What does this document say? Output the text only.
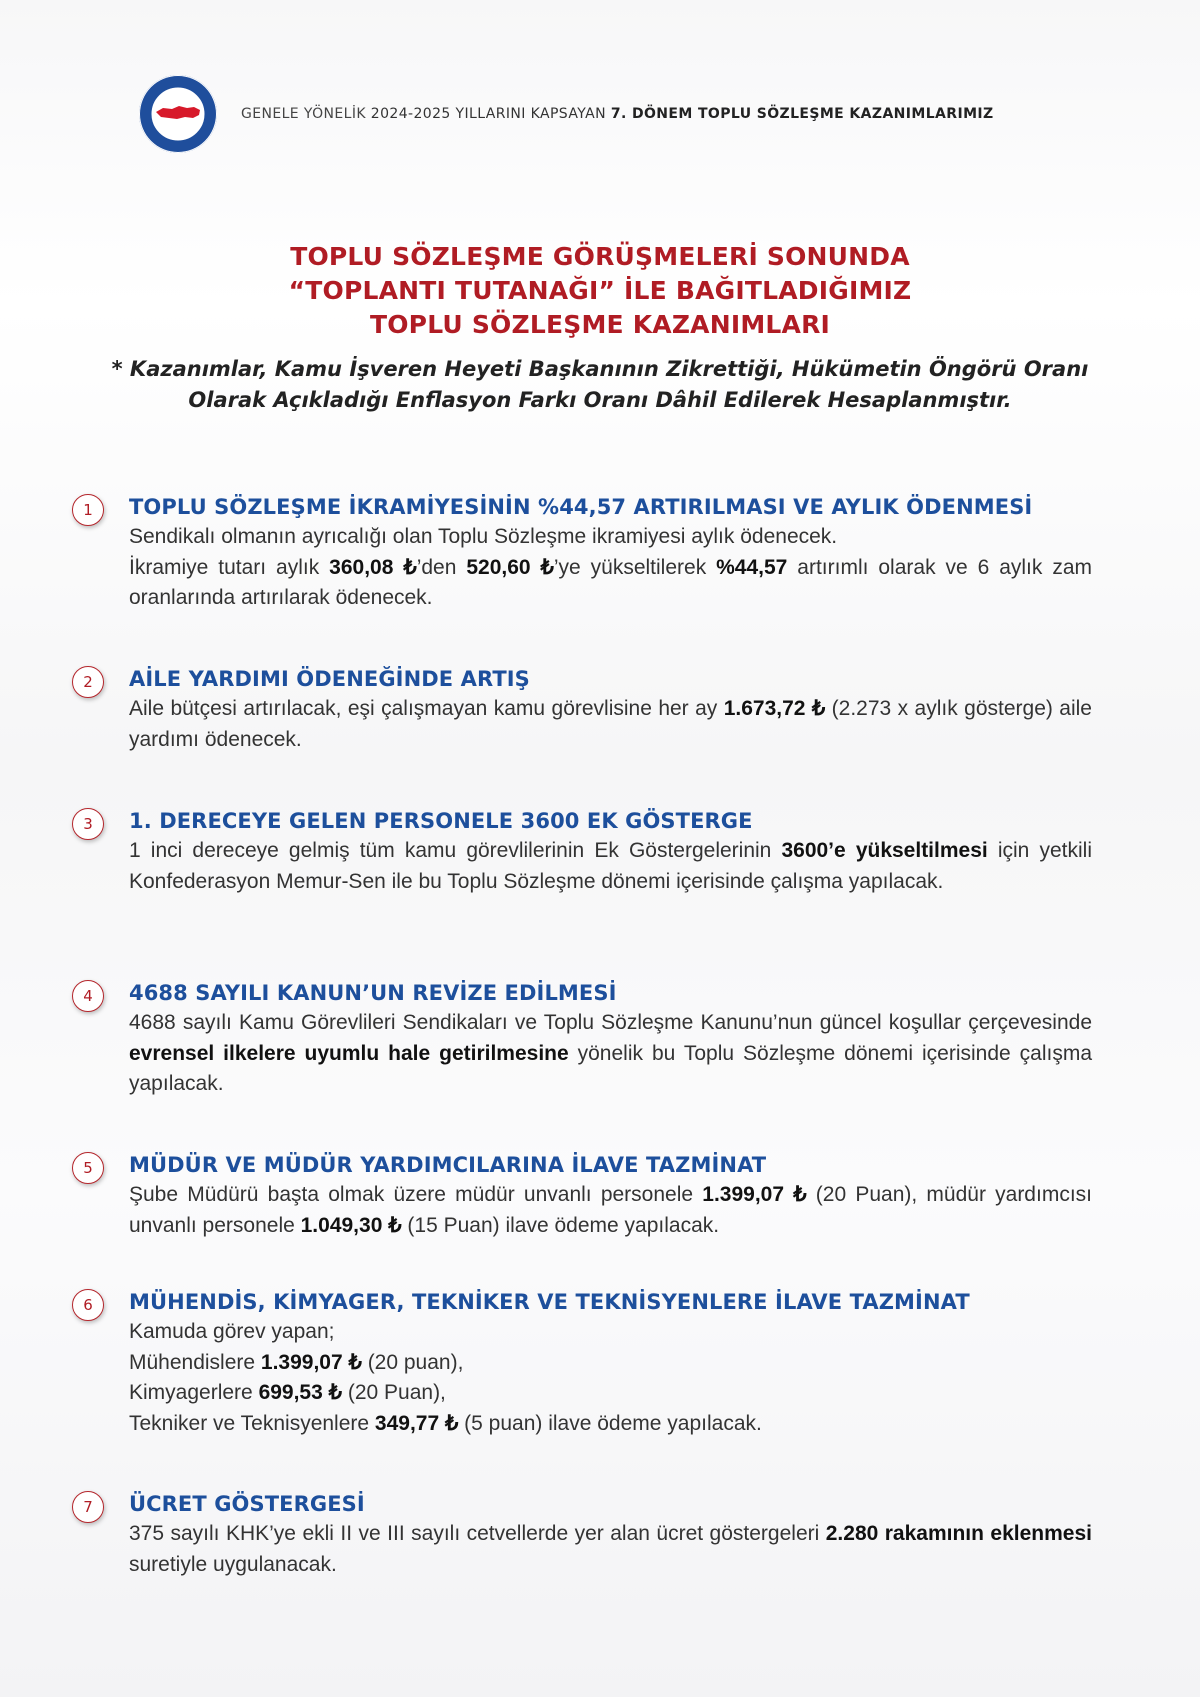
GENELE YÖNELİK 2024-2025 YILLARINI KAPSAYAN 7. DÖNEM TOPLU SÖZLEŞME KAZANIMLARIMIZ
TOPLU SÖZLEŞME GÖRÜŞMELERİ SONUNDA
“TOPLANTI TUTANAĞI” İLE BAĞITLADIĞIMIZ
TOPLU SÖZLEŞME KAZANIMLARI
* Kazanımlar, Kamu İşveren Heyeti Başkanının Zikrettiği, Hükümetin Öngörü Oranı
Olarak Açıkladığı Enflasyon Farkı Oranı Dâhil Edilerek Hesaplanmıştır.
1	TOPLU SÖZLEŞME İKRAMİYESİNİN %44,57 ARTIRILMASI VE AYLIK ÖDENMESİ

Sendikalı olmanın ayrıcalığı olan Toplu Sözleşme ikramiyesi aylık ödenecek.

İkramiye tutarı aylık 360,08 ₺’den 520,60 ₺’ye yükseltilerek %44,57 artırımlı olarak ve 6 aylık zam oranlarında artırılarak ödenecek.

2	AİLE YARDIMI ÖDENEĞİNDE ARTIŞ

Aile bütçesi artırılacak, eşi çalışmayan kamu görevlisine her ay 1.673,72 ₺ (2.273 x aylık gösterge) aile yardımı ödenecek.

3	1. DERECEYE GELEN PERSONELE 3600 EK GÖSTERGE

1 inci dereceye gelmiş tüm kamu görevlilerinin Ek Göstergelerinin 3600’e yükseltilmesi için yetkili Konfederasyon Memur-Sen ile bu Toplu Sözleşme dönemi içerisinde çalışma yapılacak.

4	4688 SAYILI KANUN’UN REVİZE EDİLMESİ

4688 sayılı Kamu Görevlileri Sendikaları ve Toplu Sözleşme Kanunu’nun güncel koşullar çerçevesinde evrensel ilkelere uyumlu hale getirilmesine yönelik bu Toplu Sözleşme dönemi içerisinde çalışma yapılacak.

5	MÜDÜR VE MÜDÜR YARDIMCILARINA İLAVE TAZMİNAT

Şube Müdürü başta olmak üzere müdür unvanlı personele 1.399,07 ₺ (20 Puan), müdür yardımcısı unvanlı personele 1.049,30 ₺ (15 Puan) ilave ödeme yapılacak.

6	MÜHENDİS, KİMYAGER, TEKNİKER VE TEKNİSYENLERE İLAVE TAZMİNAT

Kamuda görev yapan;

Mühendislere 1.399,07 ₺ (20 puan),

Kimyagerlere 699,53 ₺ (20 Puan),

Tekniker ve Teknisyenlere 349,77 ₺ (5 puan) ilave ödeme yapılacak.

7	ÜCRET GÖSTERGESİ

375 sayılı KHK’ye ekli II ve III sayılı cetvellerde yer alan ücret göstergeleri 2.280 rakamının eklenmesi suretiyle uygulanacak.
